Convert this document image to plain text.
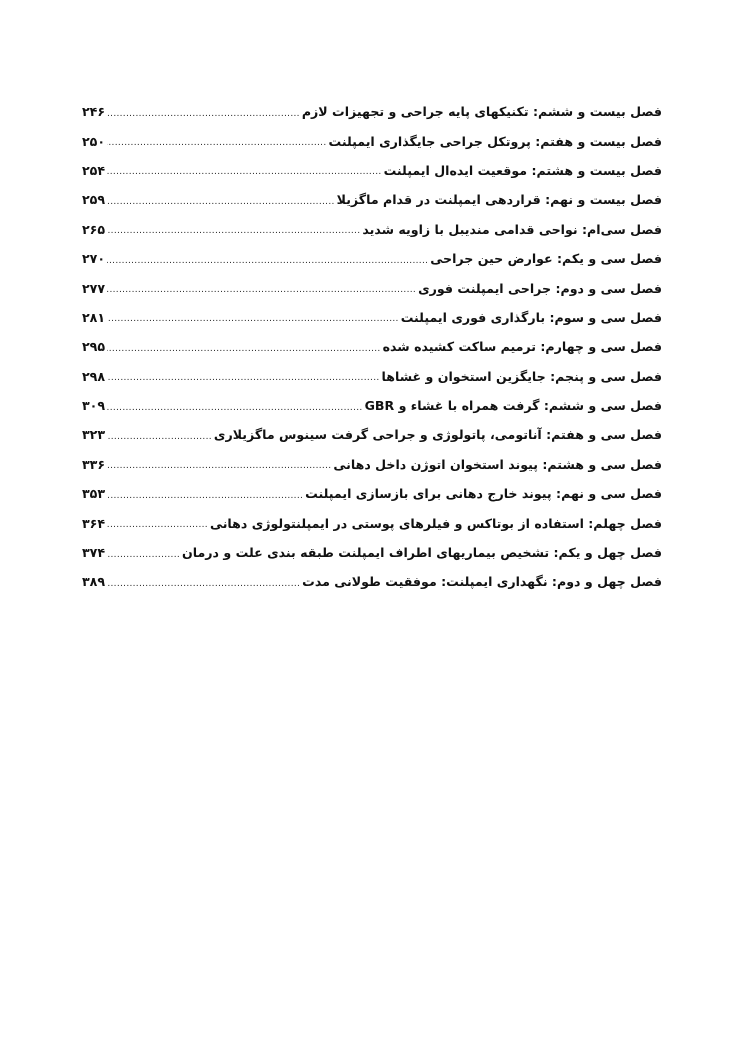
فصل بیست و ششم: تکنیکهای پایه جراحی و تجهیزات لازم
.....
۲۴۶
فصل بیست و هفتم: پروتکل جراحی جایگذاری ایمپلنت
.....
۲۵۰
فصل بیست و هشتم: موقعیت ایده‌ال ایمپلنت
.....
۲۵۴
فصل بیست و نهم: قراردهی ایمپلنت در قدام ماگزیلا
.....
۲۵۹
فصل سی‌ام: نواحی قدامی مندیبل با زاویه شدید
.....
۲۶۵
فصل سی و یکم: عوارض حین جراحی
.....
۲۷۰
فصل سی و دوم: جراحی ایمپلنت فوری
.....
۲۷۷
فصل سی و سوم: بارگذاری فوری ایمپلنت
.....
۲۸۱
فصل سی و چهارم: ترمیم ساکت کشیده شده
.....
۲۹۵
فصل سی و پنجم: جایگزین استخوان و غشاها
.....
۲۹۸
فصل سی و ششم: گرفت همراه با غشاء و GBR
.....
۳۰۹
فصل سی و هفتم: آناتومی، پاتولوژی و جراحی گرفت سینوس ماگزیلاری
.....
۳۲۳
فصل سی و هشتم: پیوند استخوان اتوژن داخل دهانی
.....
۳۳۶
فصل سی و نهم: پیوند خارج دهانی برای بازسازی ایمپلنت
.....
۳۵۳
فصل چهلم: استفاده از بوتاکس و فیلرهای پوستی در ایمپلنتولوژی دهانی
.....
۳۶۴
فصل چهل و یکم: تشخیص بیماریهای اطراف ایمپلنت طبقه بندی علت و درمان
.....
۳۷۴
فصل چهل و دوم: نگهداری ایمپلنت: موفقیت طولانی مدت
.....
۳۸۹
